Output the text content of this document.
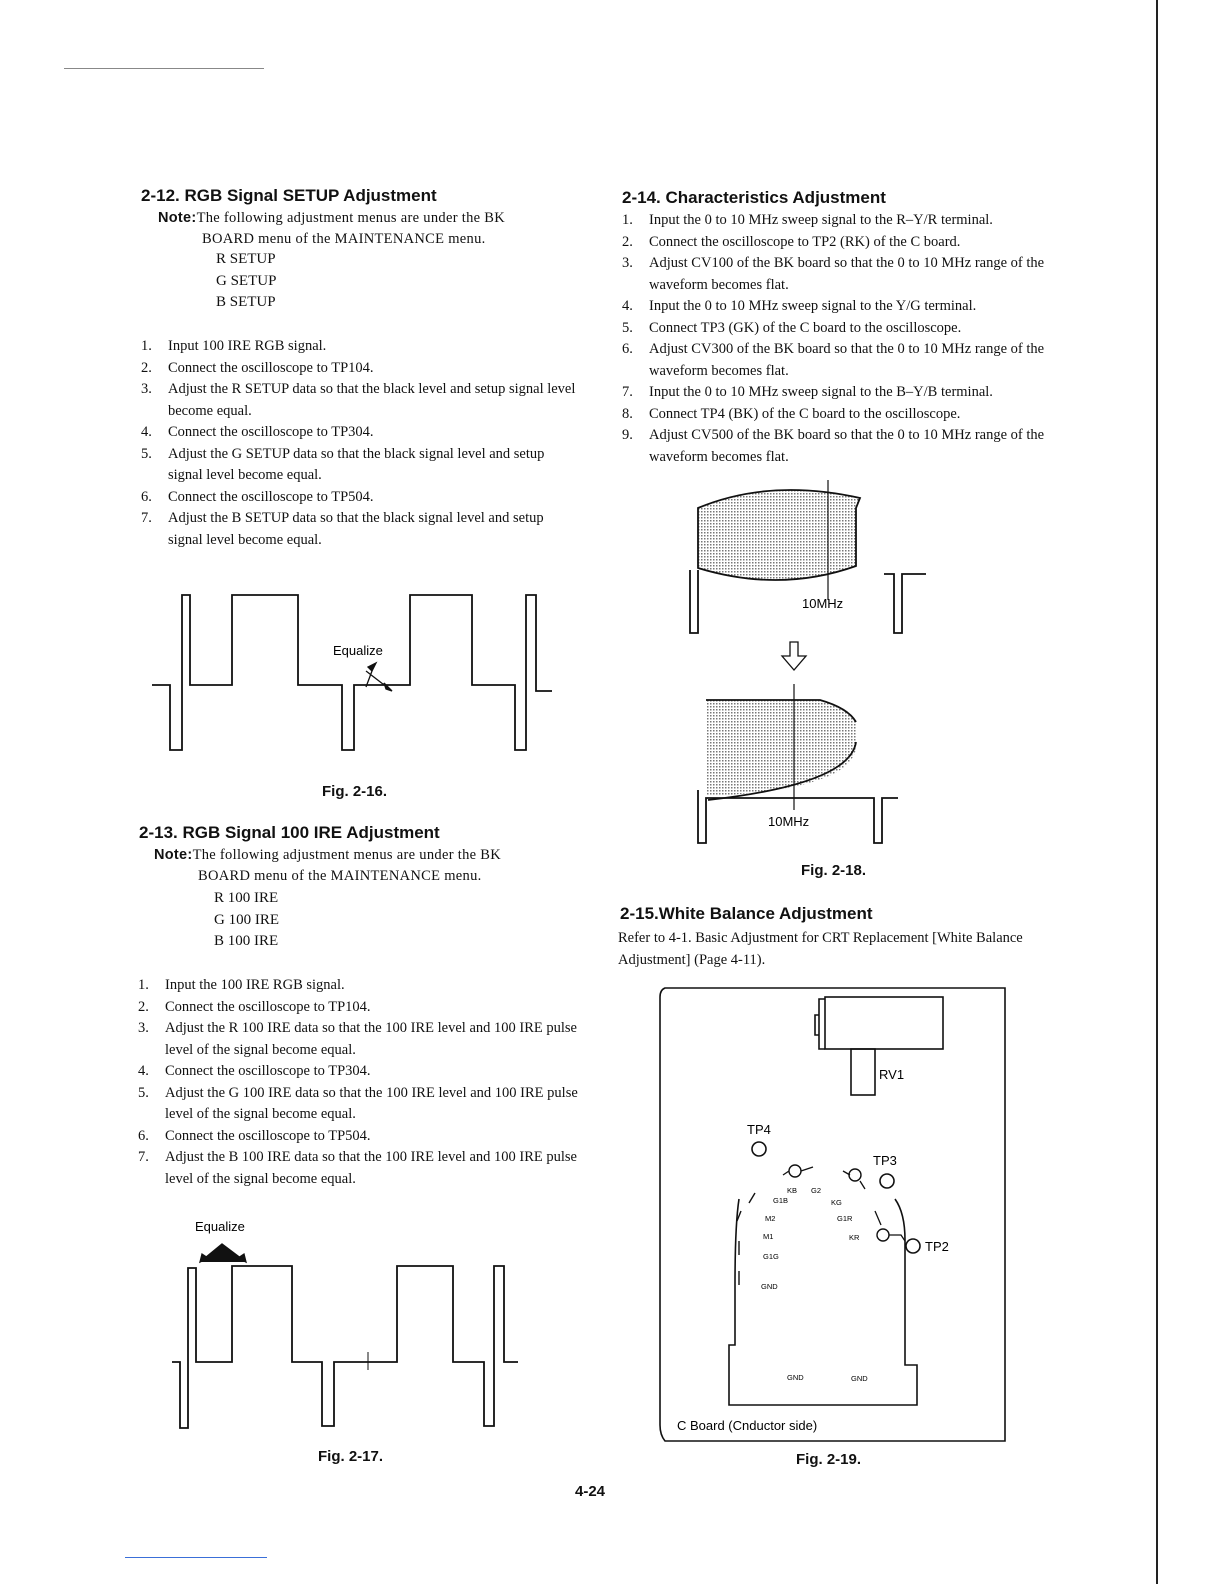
2-12. RGB Signal SETUP Adjustment
Note:The following adjustment menus are under the BK
BOARD menu of the MAINTENANCE menu.
R SETUP
G SETUP
B SETUP
1. Input 100 IRE RGB signal.
2. Connect the oscilloscope to TP104.
3. Adjust the R SETUP data so that the black level and setup signal level become equal.
4. Connect the oscilloscope to TP304.
5. Adjust the G SETUP data so that the black signal level and setup signal level become equal.
6. Connect the oscilloscope to TP504.
7. Adjust the B SETUP data so that the black signal level and setup signal level become equal.
Equalize
Fig. 2-16.
2-13. RGB Signal 100 IRE Adjustment
Note:The following adjustment menus are under the BK
BOARD menu of the MAINTENANCE menu.
R 100 IRE
G 100 IRE
B 100 IRE
1. Input the 100 IRE RGB signal.
2. Connect the oscilloscope to TP104.
3. Adjust the R 100 IRE data so that the 100 IRE level and 100 IRE pulse level of the signal become equal.
4. Connect the oscilloscope to TP304.
5. Adjust the G 100 IRE data so that the 100 IRE level and 100 IRE pulse level of the signal become equal.
6. Connect the oscilloscope to TP504.
7. Adjust the B 100 IRE data so that the 100 IRE level and 100 IRE pulse level of the signal become equal.
Equalize
Fig. 2-17.
2-14. Characteristics Adjustment
1. Input the 0 to 10 MHz sweep signal to the R–Y/R terminal.
2. Connect the oscilloscope to TP2 (RK) of the C board.
3. Adjust CV100 of the BK board so that the 0 to 10 MHz range of the waveform becomes flat.
4. Input the 0 to 10 MHz sweep signal to the Y/G terminal.
5. Connect TP3 (GK) of the C board to the oscilloscope.
6. Adjust CV300 of the BK board so that the 0 to 10 MHz range of the waveform becomes flat.
7. Input the 0 to 10 MHz sweep signal to the B–Y/B terminal.
8. Connect TP4 (BK) of the C board to the oscilloscope.
9. Adjust CV500 of the BK board so that the 0 to 10 MHz range of the waveform becomes flat.
10MHz
10MHz
Fig. 2-18.
2-15.White Balance Adjustment
Refer to 4-1. Basic Adjustment for CRT Replacement [White Balance Adjustment] (Page 4-11).
RV1
TP4
TP3
TP2
KB G2
G1B	KG
M2	G1R
M1	KR
G1G
GND
GND	GND
C Board (Cnductor side)
Fig. 2-19.
4-24
